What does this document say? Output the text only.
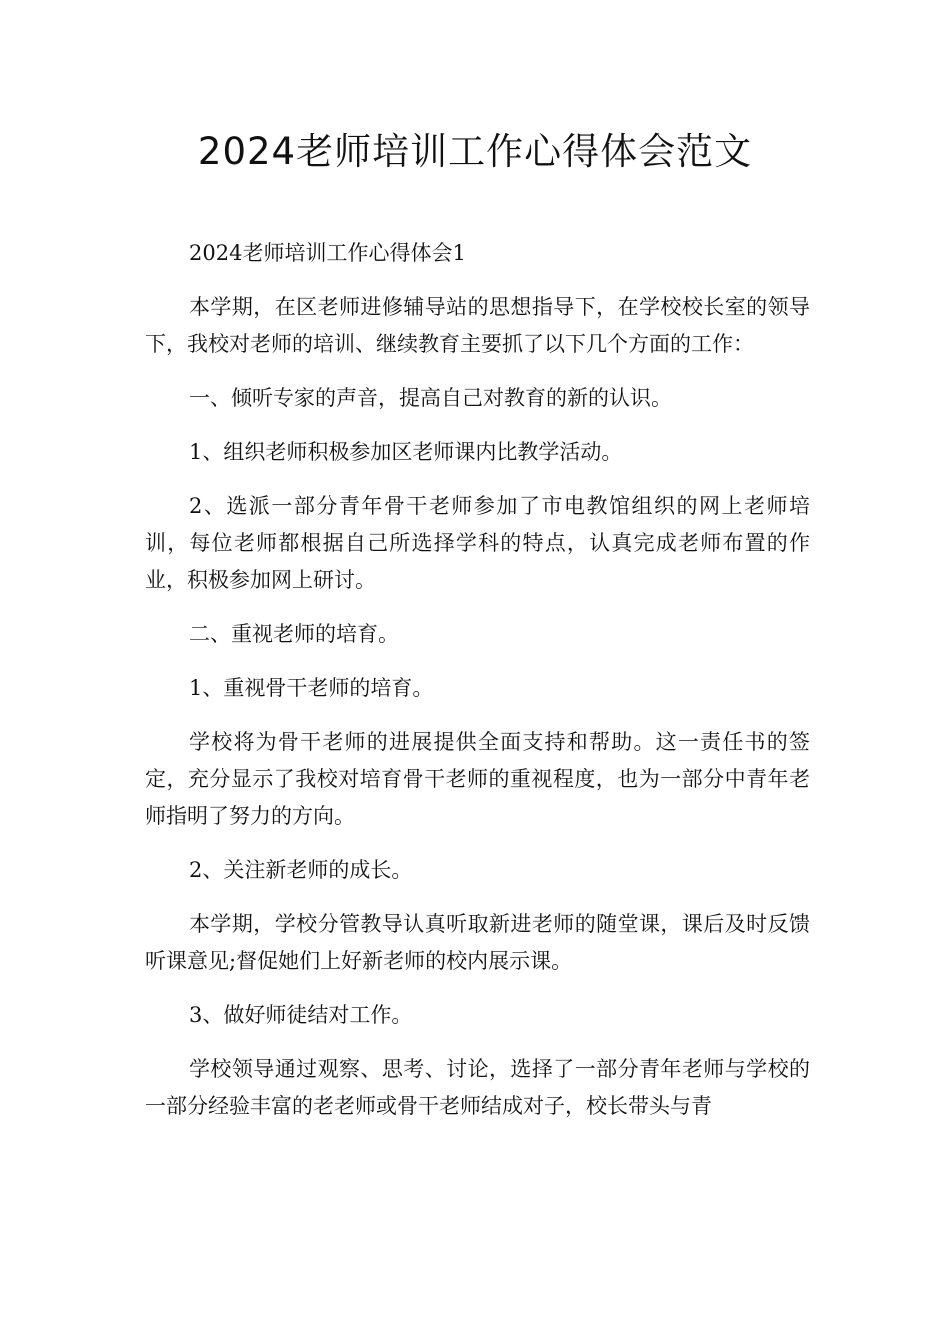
2024老师培训工作心得体会范文

2024老师培训工作心得体会1

本学期，在区老师进修辅导站的思想指导下，在学校校长室的领导下，我校对老师的培训、继续教育主要抓了以下几个方面的工作：

一、倾听专家的声音，提高自己对教育的新的认识。

1、组织老师积极参加区老师课内比教学活动。

2、选派一部分青年骨干老师参加了市电教馆组织的网上老师培训，每位老师都根据自己所选择学科的特点，认真完成老师布置的作业，积极参加网上研讨。

二、重视老师的培育。

1、重视骨干老师的培育。

学校将为骨干老师的进展提供全面支持和帮助。这一责任书的签定，充分显示了我校对培育骨干老师的重视程度，也为一部分中青年老师指明了努力的方向。

2、关注新老师的成长。

本学期，学校分管教导认真听取新进老师的随堂课，课后及时反馈听课意见;督促她们上好新老师的校内展示课。

3、做好师徒结对工作。

学校领导通过观察、思考、讨论，选择了一部分青年老师与学校的一部分经验丰富的老老师或骨干老师结成对子，校长带头与青
